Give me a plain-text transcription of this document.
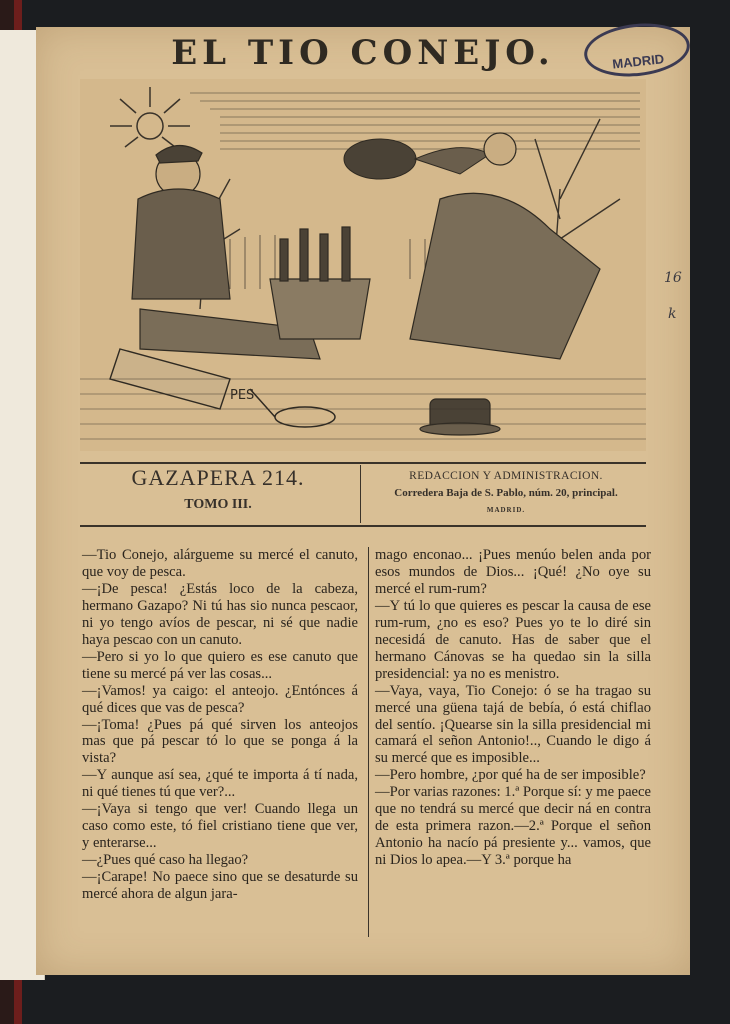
EL TIO CONEJO.	MADRID
PES
GAZAPERA 214.
TOMO III.
REDACCION Y ADMINISTRACION.
Corredera Baja de S. Pablo, núm. 20, principal.
MADRID.

—Tio Conejo, alárgueme su mercé el canuto, que voy de pesca.

—¡De pesca! ¿Estás loco de la cabeza, hermano Gazapo? Ni tú has sio nunca pescaor, ni yo tengo avíos de pescar, ni sé que nadie haya pescao con un canuto.

—Pero si yo lo que quiero es ese canuto que tiene su mercé pá ver las cosas...

—¡Vamos! ya caigo: el anteojo. ¿Entónces á qué dices que vas de pesca?

—¡Toma! ¿Pues pá qué sirven los anteojos mas que pá pescar tó lo que se ponga á la vista?

—Y aunque así sea, ¿qué te importa á tí nada, ni qué tienes tú que ver?...

—¡Vaya si tengo que ver! Cuando llega un caso como este, tó fiel cristiano tiene que ver, y enterarse...

—¿Pues qué caso ha llegao?

—¡Carape! No paece sino que se desaturde su mercé ahora de algun jara-

mago enconao... ¡Pues menúo belen anda por esos mundos de Dios... ¡Qué! ¿No oye su mercé el rum-rum?

—Y tú lo que quieres es pescar la causa de ese rum-rum, ¿no es eso? Pues yo te lo diré sin necesidá de canuto. Has de saber que el hermano Cánovas se ha quedao sin la silla presidencial: ya no es menistro.

—Vaya, vaya, Tio Conejo: ó se ha tragao su mercé una güena tajá de bebía, ó está chiflao del sentío. ¡Quearse sin la silla presidencial mi camará el señon Antonio!.., Cuando le digo á su mercé que es imposible...

—Pero hombre, ¿por qué ha de ser imposible?

—Por varias razones: 1.ª Porque sí: y me paece que no tendrá su mercé que decir ná en contra de esta primera razon.—2.ª Porque el señon Antonio ha nacío pá presiente y... vamos, que ni Dios lo apea.—Y 3.ª porque ha

16
k
